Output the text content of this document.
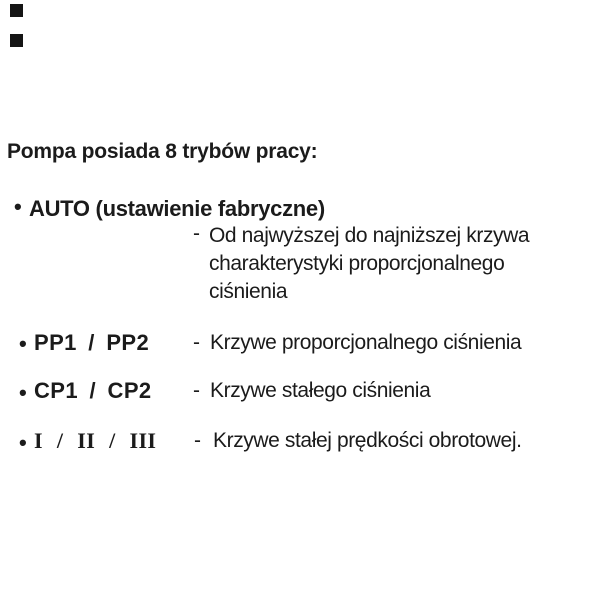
Pompa posiada 8 trybów pracy:
• AUTO (ustawienie fabryczne)
- Od najwyższej do najniższej krzywa
charakterystyki proporcjonalnego
ciśnienia
• PP1 / PP2 - Krzywe proporcjonalnego ciśnienia
• CP1 / CP2 - Krzywe stałego ciśnienia
• I / II / III - Krzywe stałej prędkości obrotowej.
